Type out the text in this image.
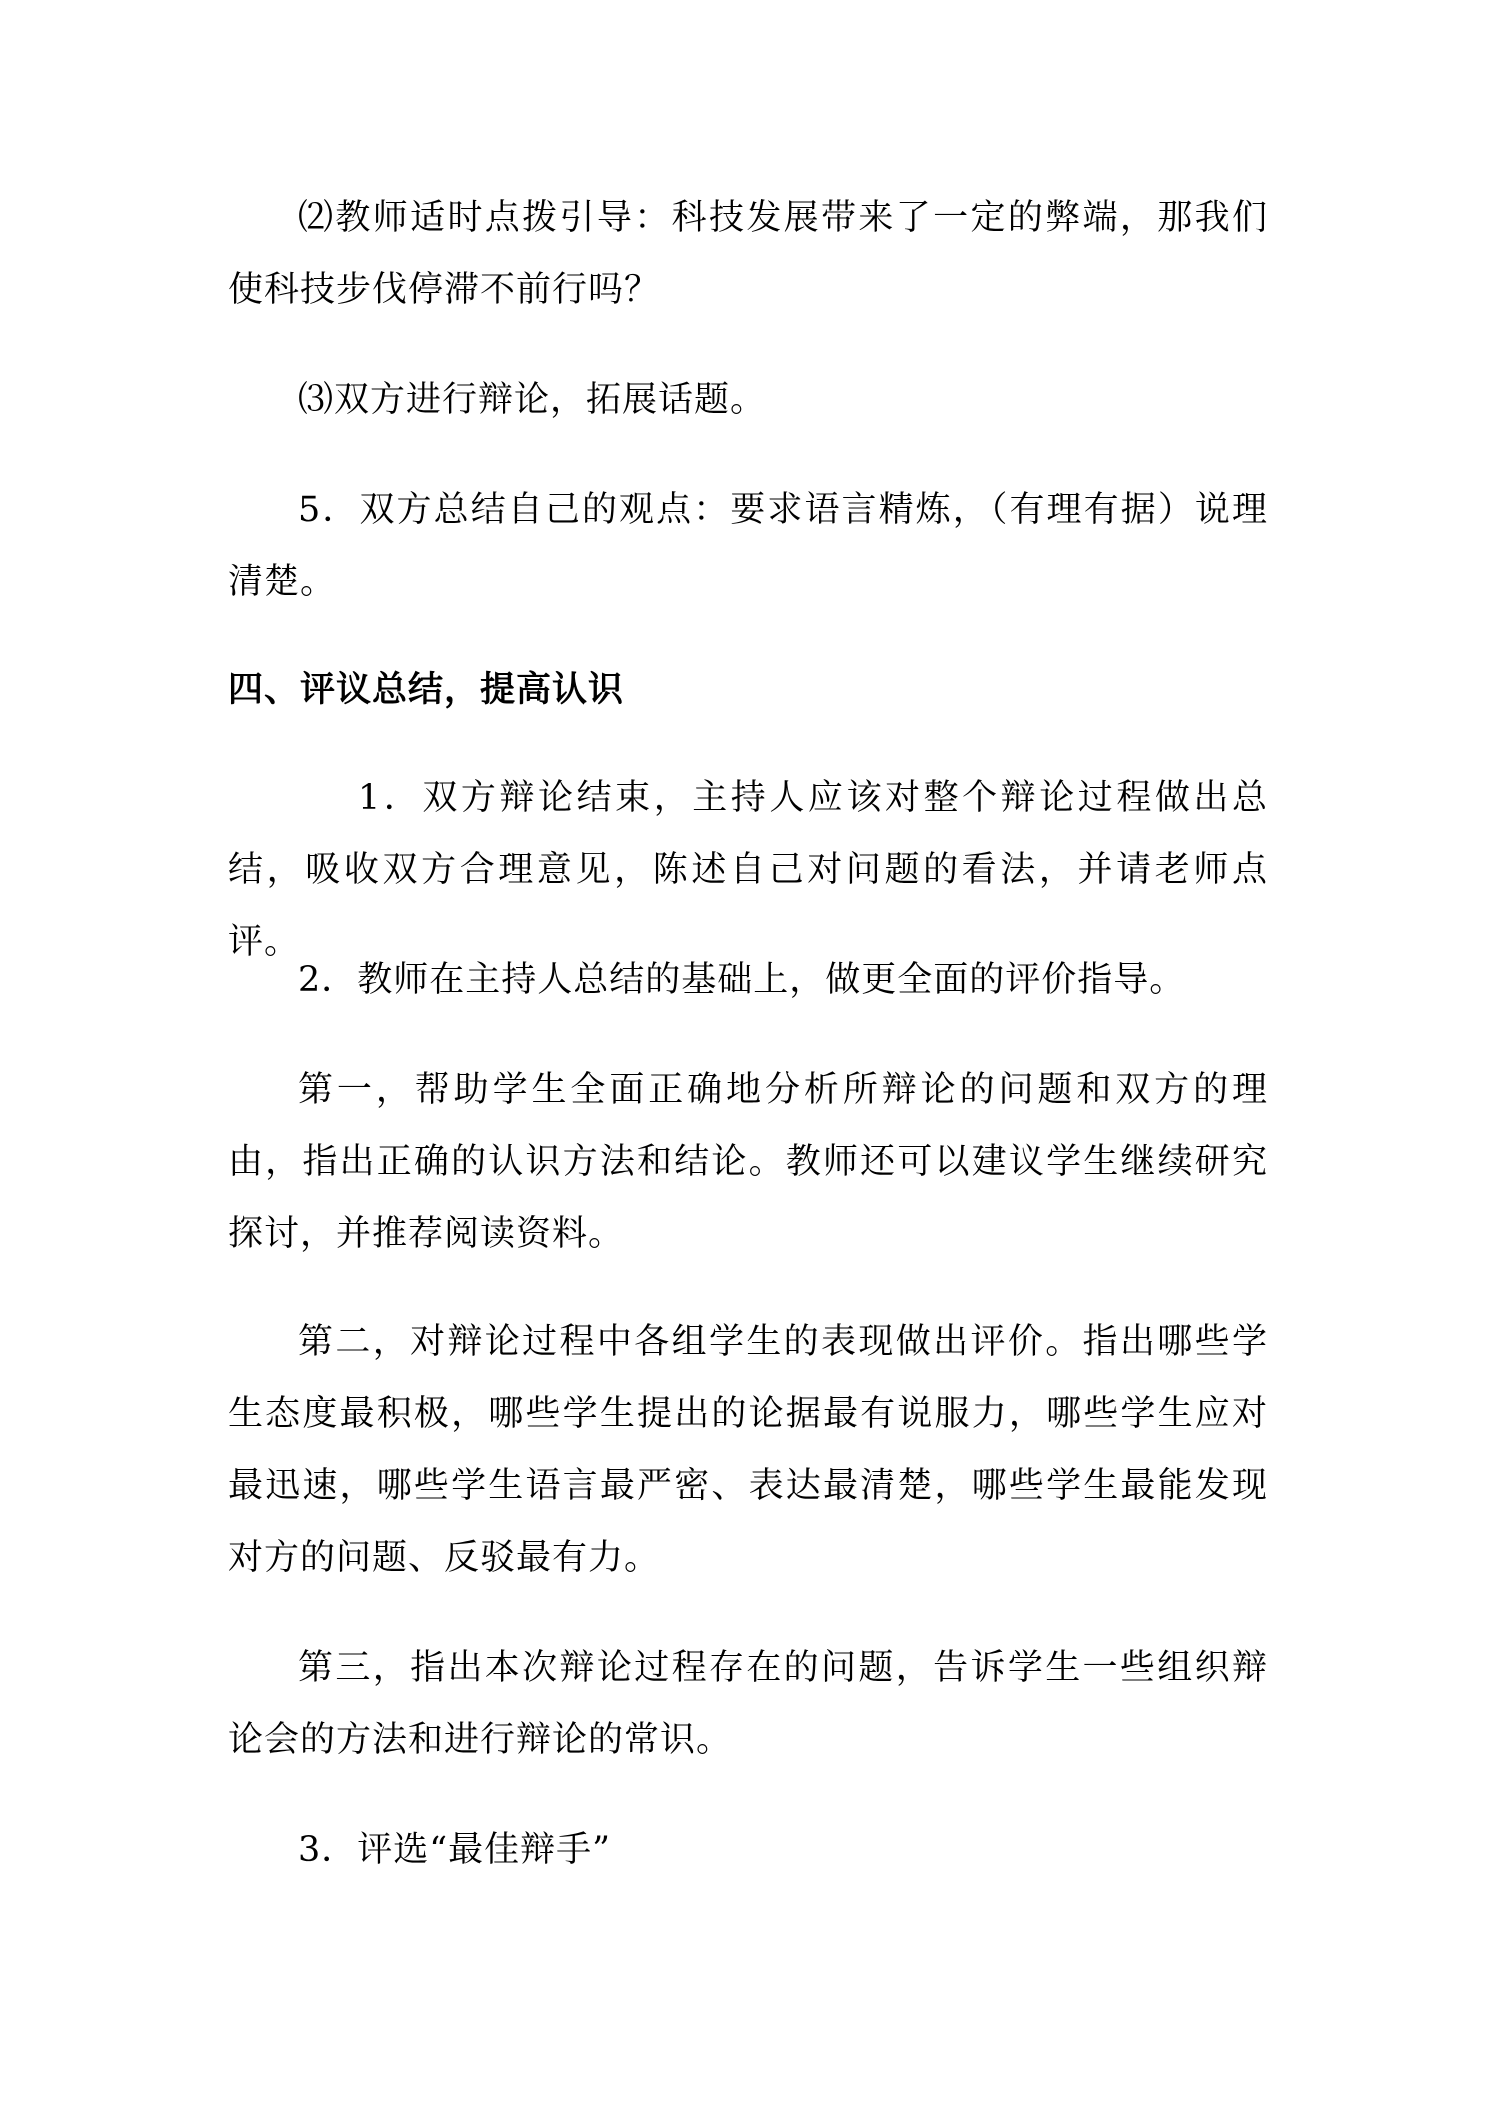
⑵教师适时点拨引导：科技发展带来了一定的弊端，那我们使科技步伐停滞不前行吗？

⑶双方进行辩论，拓展话题。

5．双方总结自己的观点：要求语言精炼，（有理有据）说理清楚。

四、评议总结，提高认识

1．双方辩论结束，主持人应该对整个辩论过程做出总结，吸收双方合理意见，陈述自己对问题的看法，并请老师点评。

2．教师在主持人总结的基础上，做更全面的评价指导。

第一，帮助学生全面正确地分析所辩论的问题和双方的理由，指出正确的认识方法和结论。教师还可以建议学生继续研究探讨，并推荐阅读资料。

第二，对辩论过程中各组学生的表现做出评价。指出哪些学生态度最积极，哪些学生提出的论据最有说服力，哪些学生应对最迅速，哪些学生语言最严密、表达最清楚，哪些学生最能发现对方的问题、反驳最有力。

第三，指出本次辩论过程存在的问题，告诉学生一些组织辩论会的方法和进行辩论的常识。

3．评选“最佳辩手”
